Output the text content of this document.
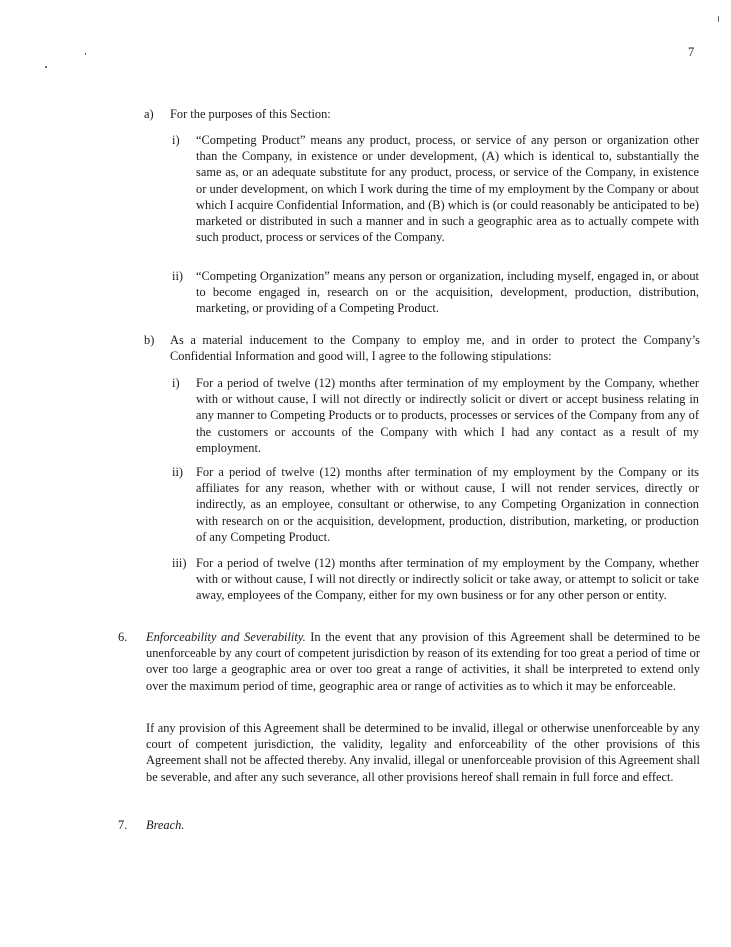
7
a) For the purposes of this Section:
i) “Competing Product” means any product, process, or service of any person or organization other than the Company, in existence or under development, (A) which is identical to, substantially the same as, or an adequate substitute for any product, process, or service of the Company, in existence or under development, on which I work during the time of my employment by the Company or about which I acquire Confidential Information, and (B) which is (or could reasonably be anticipated to be) marketed or distributed in such a manner and in such a geographic area as to actually compete with such product, process or services of the Company.
ii) “Competing Organization” means any person or organization, including myself, engaged in, or about to become engaged in, research on or the acquisition, development, production, distribution, marketing, or providing of a Competing Product.
b) As a material inducement to the Company to employ me, and in order to protect the Company’s Confidential Information and good will, I agree to the following stipulations:
i) For a period of twelve (12) months after termination of my employment by the Company, whether with or without cause, I will not directly or indirectly solicit or divert or accept business relating in any manner to Competing Products or to products, processes or services of the Company from any of the customers or accounts of the Company with which I had any contact as a result of my employment.
ii) For a period of twelve (12) months after termination of my employment by the Company or its affiliates for any reason, whether with or without cause, I will not render services, directly or indirectly, as an employee, consultant or otherwise, to any Competing Organization in connection with research on or the acquisition, development, production, distribution, marketing, or production of any Competing Product.
iii) For a period of twelve (12) months after termination of my employment by the Company, whether with or without cause, I will not directly or indirectly solicit or take away, or attempt to solicit or take away, employees of the Company, either for my own business or for any other person or entity.
6. Enforceability and Severability. In the event that any provision of this Agreement shall be determined to be unenforceable by any court of competent jurisdiction by reason of its extending for too great a period of time or over too large a geographic area or over too great a range of activities, it shall be interpreted to extend only over the maximum period of time, geographic area or range of activities as to which it may be enforceable.
If any provision of this Agreement shall be determined to be invalid, illegal or otherwise unenforceable by any court of competent jurisdiction, the validity, legality and enforceability of the other provisions of this Agreement shall not be affected thereby. Any invalid, illegal or unenforceable provision of this Agreement shall be severable, and after any such severance, all other provisions hereof shall remain in full force and effect.
7. Breach.
